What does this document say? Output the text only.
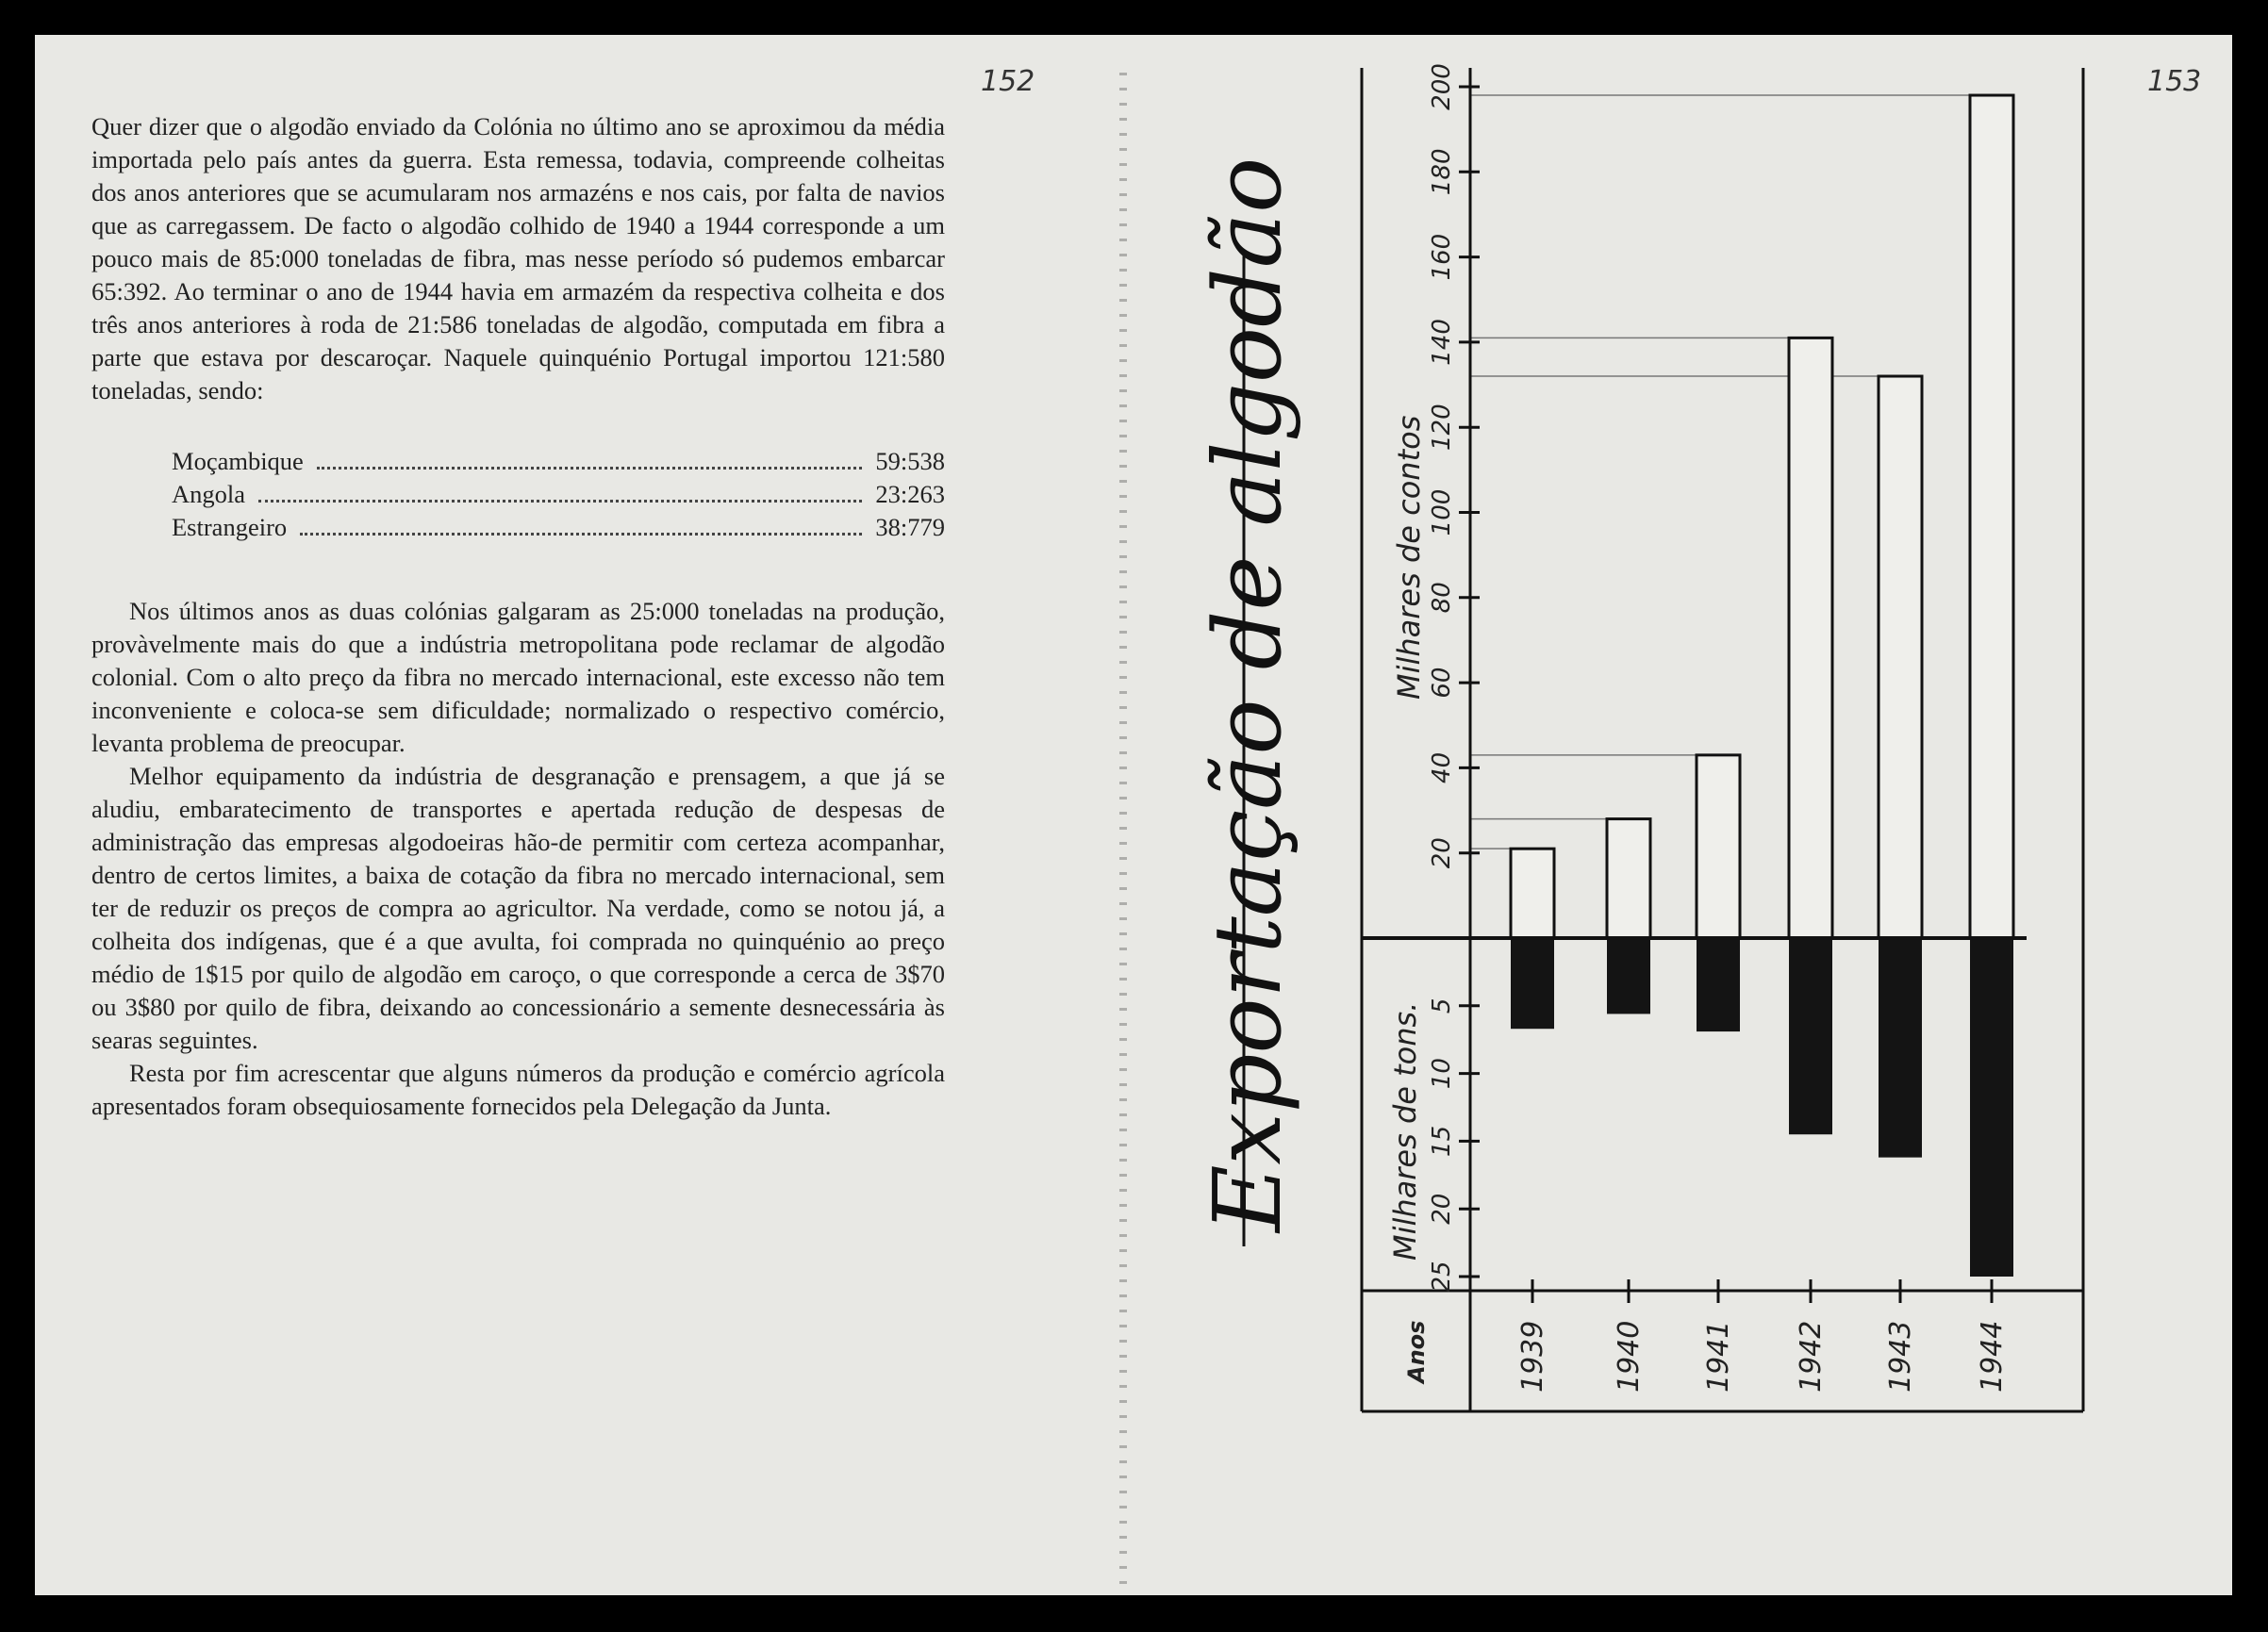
Quer dizer que o algodão enviado da Colónia no último ano se aproximou da média importada pelo país antes da guerra. Esta remessa, todavia, compreende colheitas dos anos anteriores que se acumularam nos armazéns e nos cais, por falta de navios que as carregassem. De facto o algodão colhido de 1940 a 1944 corresponde a um pouco mais de 85:000 toneladas de fibra, mas nesse período só pudemos embarcar 65:392. Ao terminar o ano de 1944 havia em armazém da respectiva colheita e dos três anos anteriores à roda de 21:586 toneladas de algodão, computada em fibra a parte que estava por descaroçar. Naquele quinquénio Portugal importou 121:580 toneladas, sendo:

Moçambique	59:538
Angola	23:263
Estrangeiro	38:779

Nos últimos anos as duas colónias galgaram as 25:000 toneladas na produção, provàvelmente mais do que a indústria metropolitana pode reclamar de algodão colonial. Com o alto preço da fibra no mercado internacional, este excesso não tem inconveniente e coloca-se sem dificuldade; normalizado o respectivo comércio, levanta problema de preocupar.

Melhor equipamento da indústria de desgranação e prensagem, a que já se aludiu, embaratecimento de transportes e apertada redução de despesas de administração das empresas algodoeiras hão-de permitir com certeza acompanhar, dentro de certos limites, a baixa de cotação da fibra no mercado internacional, sem ter de reduzir os preços de compra ao agricultor. Na verdade, como se notou já, a colheita dos indígenas, que é a que avulta, foi comprada no quinquénio ao preço médio de 1$15 por quilo de algodão em caroço, o que corresponde a cerca de 3$70 ou 3$80 por quilo de fibra, deixando ao concessionário a semente desnecessária às searas seguintes.

Resta por fim acrescentar que alguns números da produção e comércio agrícola apresentados foram obsequiosamente fornecidos pela Delegação da Junta.

152	153
Milhares de tons.
Milhares de contos
Anos
Exportação de algodão
1939 1940 1941 1942 1943 1944
20
40
60
80
100
120
140
160
180
200
5
10
15
20
25
